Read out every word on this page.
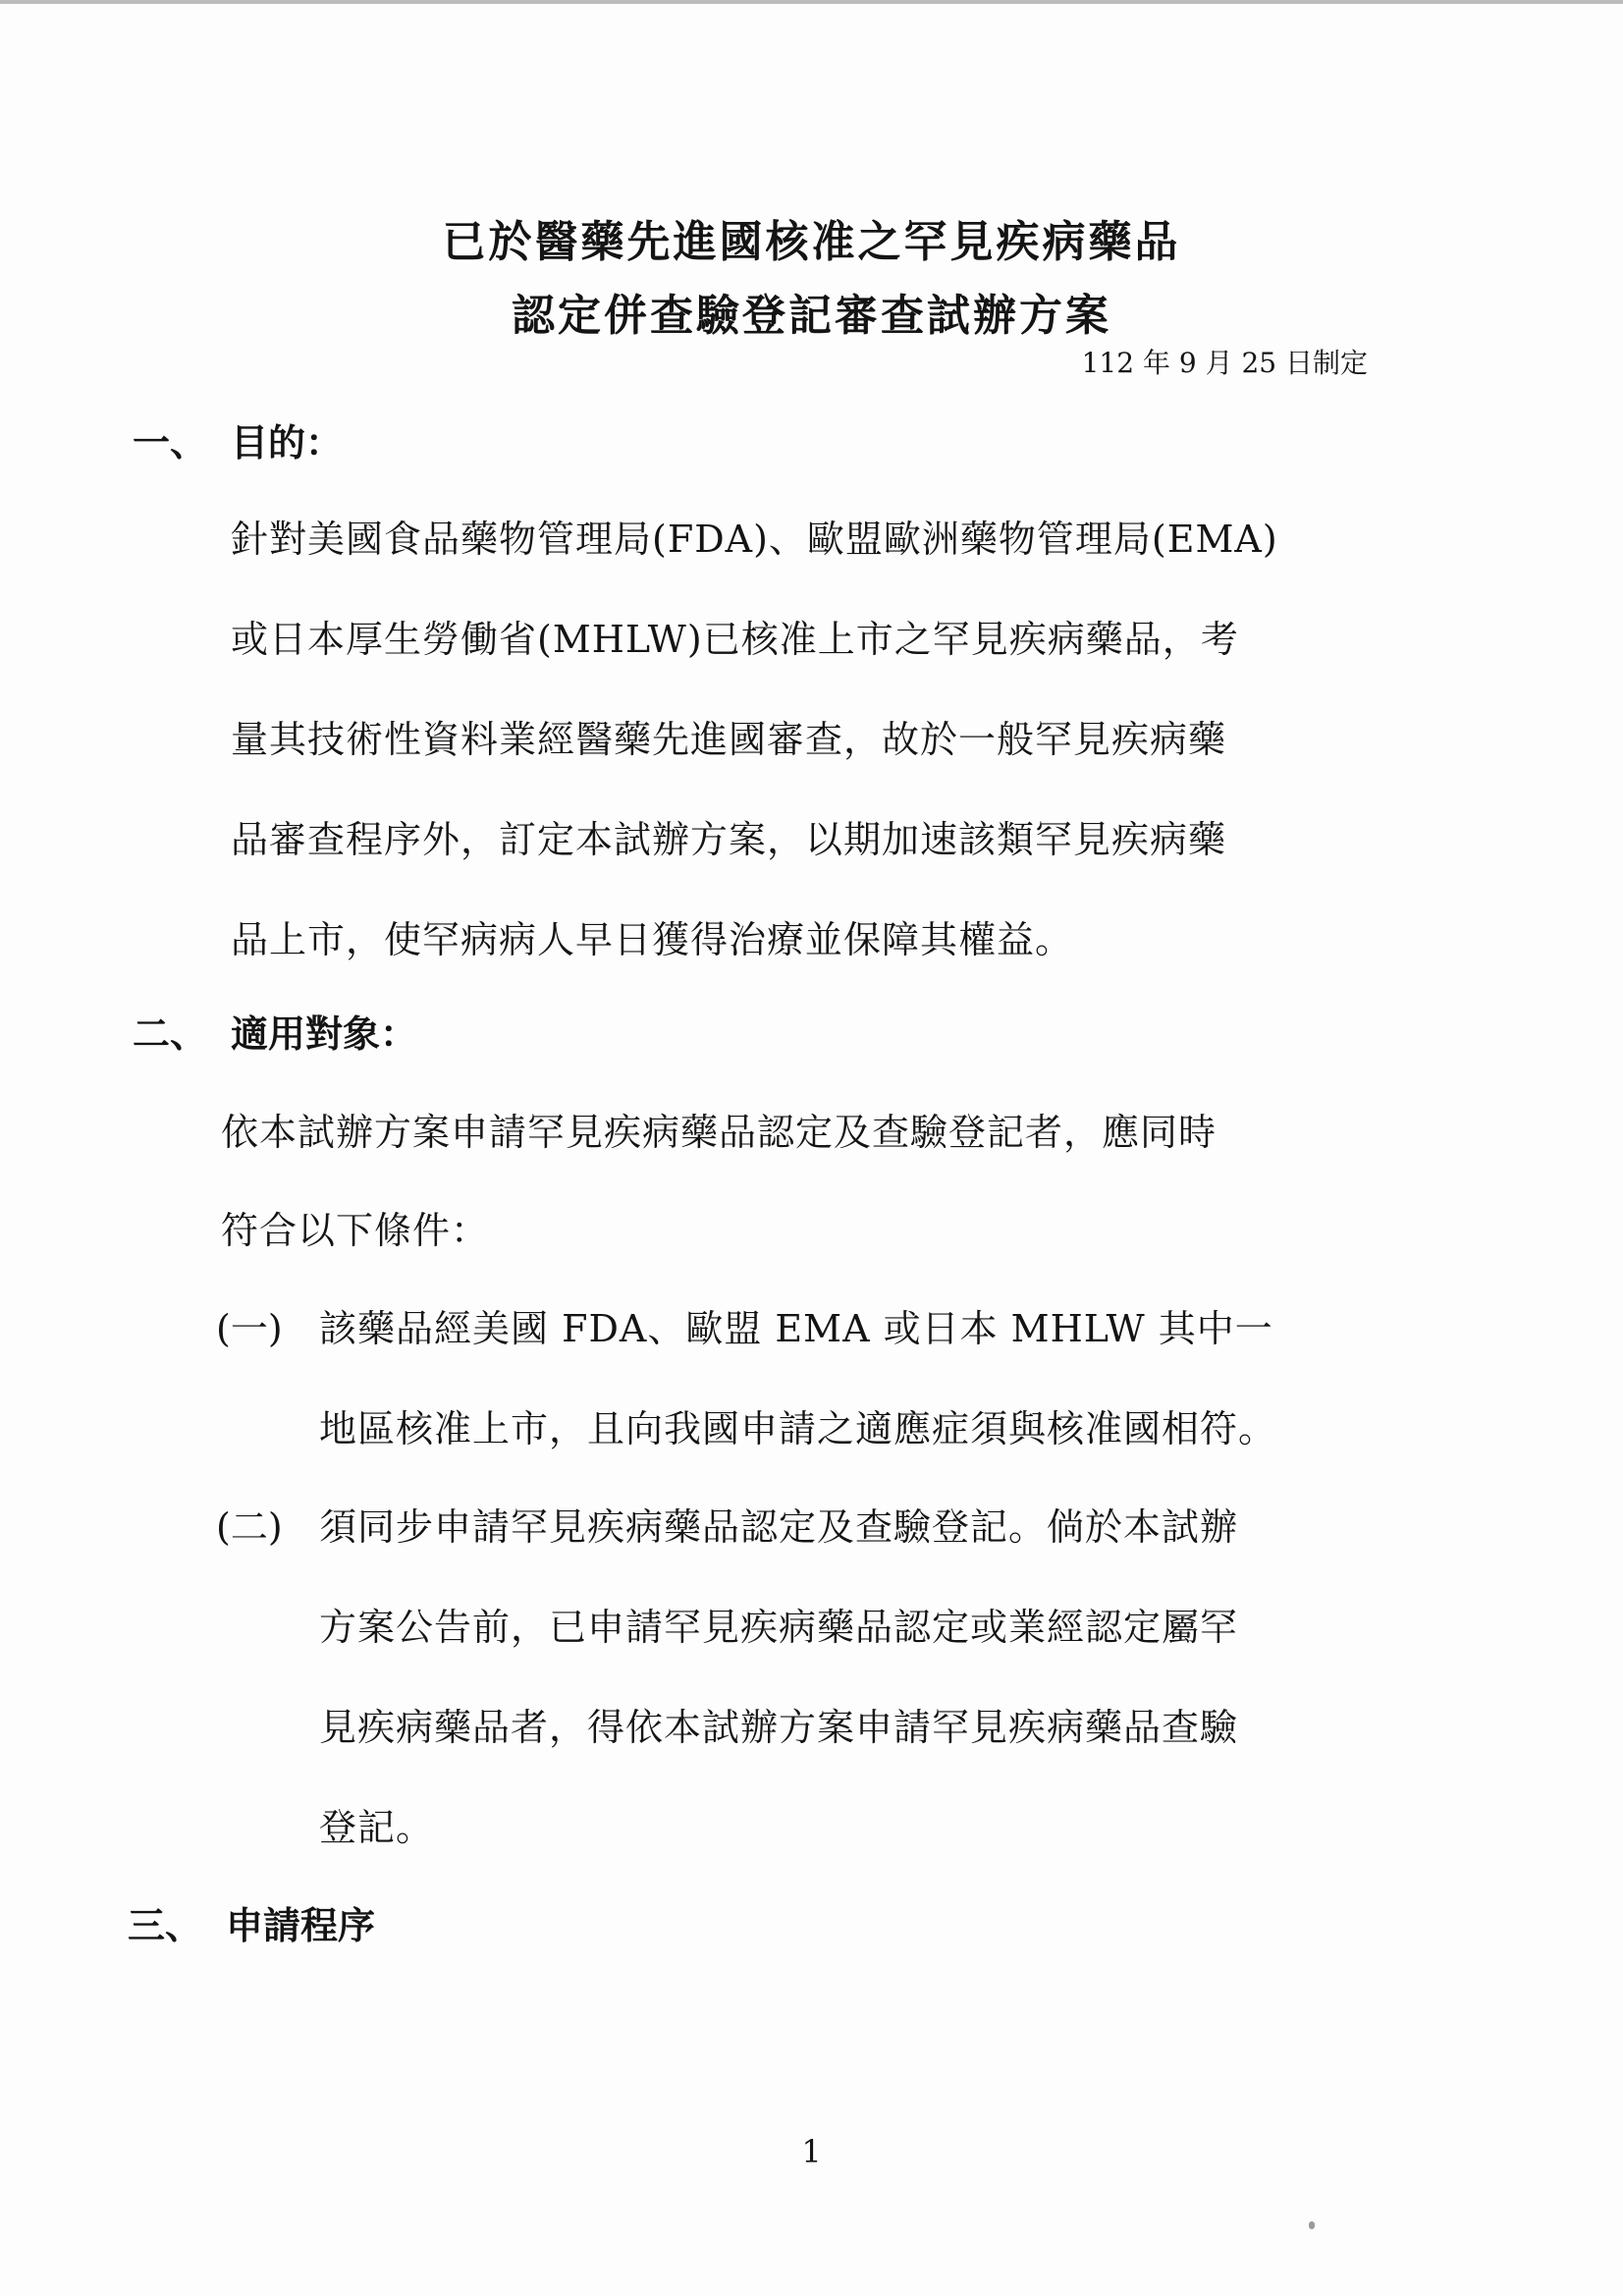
已於醫藥先進國核准之罕見疾病藥品
認定併查驗登記審查試辦方案
112 年 9 月 25 日制定
一、 目的：
針對美國食品藥物管理局(FDA)、歐盟歐洲藥物管理局(EMA)
或日本厚生勞働省(MHLW)已核准上市之罕見疾病藥品，考
量其技術性資料業經醫藥先進國審查，故於一般罕見疾病藥
品審查程序外，訂定本試辦方案，以期加速該類罕見疾病藥
品上市，使罕病病人早日獲得治療並保障其權益。
二、 適用對象：
依本試辦方案申請罕見疾病藥品認定及查驗登記者，應同時
符合以下條件：
(一) 該藥品經美國 FDA、歐盟 EMA 或日本 MHLW 其中一
地區核准上市，且向我國申請之適應症須與核准國相符。
(二) 須同步申請罕見疾病藥品認定及查驗登記。倘於本試辦
方案公告前，已申請罕見疾病藥品認定或業經認定屬罕
見疾病藥品者，得依本試辦方案申請罕見疾病藥品查驗
登記。
三、 申請程序
1
